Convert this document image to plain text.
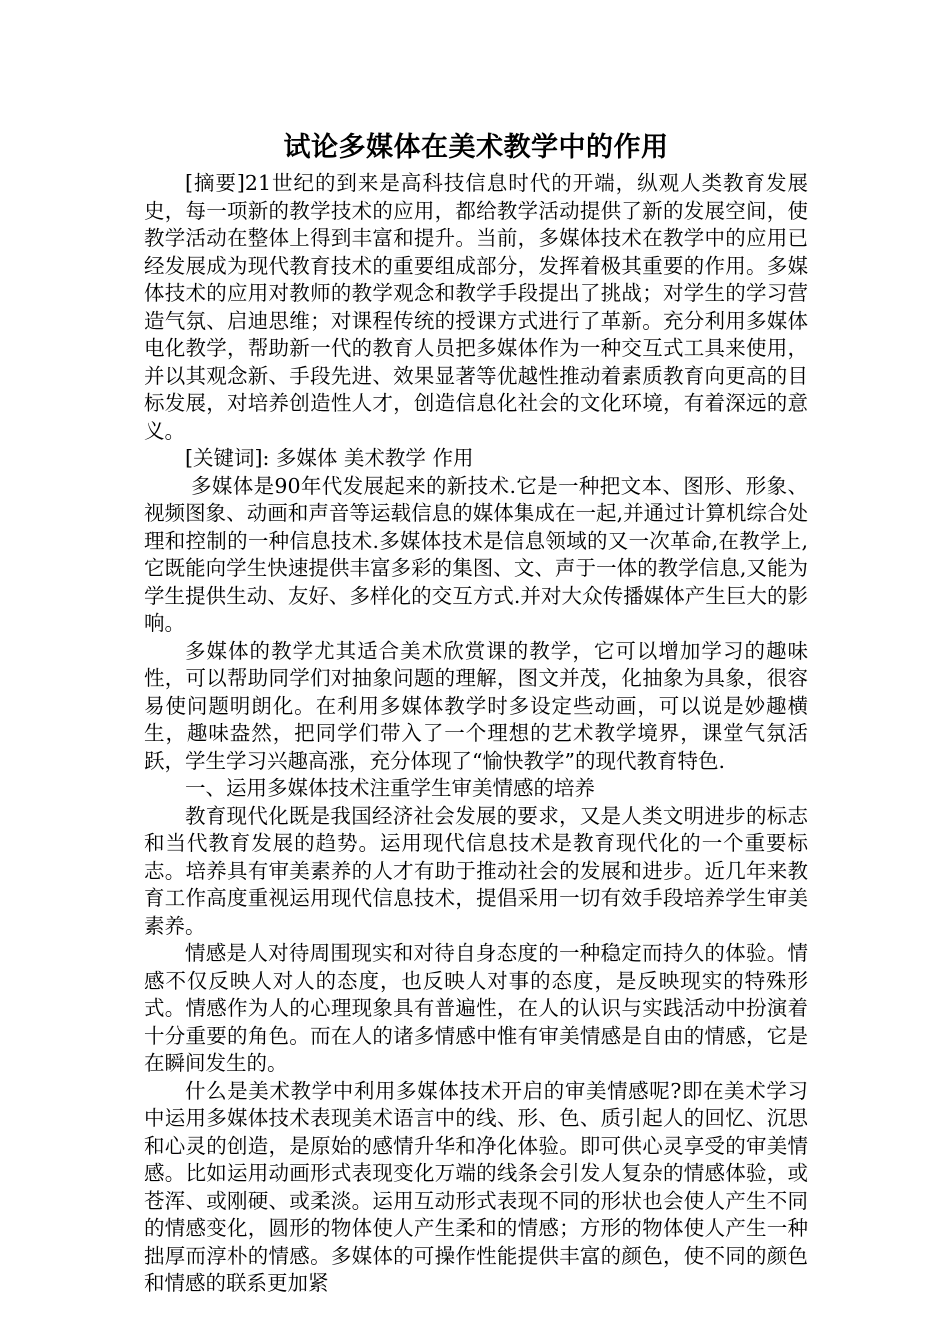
试论多媒体在美术教学中的作用

[摘要]21世纪的到来是高科技信息时代的开端，纵观人类教育发展史，每一项新的教学技术的应用，都给教学活动提供了新的发展空间，使教学活动在整体上得到丰富和提升。当前，多媒体技术在教学中的应用已经发展成为现代教育技术的重要组成部分，发挥着极其重要的作用。多媒体技术的应用对教师的教学观念和教学手段提出了挑战；对学生的学习营造气氛、启迪思维；对课程传统的授课方式进行了革新。充分利用多媒体电化教学，帮助新一代的教育人员把多媒体作为一种交互式工具来使用，并以其观念新、手段先进、效果显著等优越性推动着素质教育向更高的目标发展，对培养创造性人才，创造信息化社会的文化环境，有着深远的意义。

[关键词]: 多媒体 美术教学 作用

多媒体是90年代发展起来的新技术.它是一种把文本、图形、形象、视频图象、动画和声音等运载信息的媒体集成在一起,并通过计算机综合处理和控制的一种信息技术.多媒体技术是信息领域的又一次革命,在教学上,它既能向学生快速提供丰富多彩的集图、文、声于一体的教学信息,又能为学生提供生动、友好、多样化的交互方式.并对大众传播媒体产生巨大的影响。

多媒体的教学尤其适合美术欣赏课的教学，它可以增加学习的趣味性，可以帮助同学们对抽象问题的理解，图文并茂，化抽象为具象，很容易使问题明朗化。在利用多媒体教学时多设定些动画，可以说是妙趣横生，趣味盎然，把同学们带入了一个理想的艺术教学境界，课堂气氛活跃，学生学习兴趣高涨，充分体现了“愉快教学”的现代教育特色.

一、运用多媒体技术注重学生审美情感的培养

教育现代化既是我国经济社会发展的要求，又是人类文明进步的标志和当代教育发展的趋势。运用现代信息技术是教育现代化的一个重要标志。培养具有审美素养的人才有助于推动社会的发展和进步。近几年来教育工作高度重视运用现代信息技术，提倡采用一切有效手段培养学生审美素养。

情感是人对待周围现实和对待自身态度的一种稳定而持久的体验。情感不仅反映人对人的态度，也反映人对事的态度，是反映现实的特殊形式。情感作为人的心理现象具有普遍性，在人的认识与实践活动中扮演着十分重要的角色。而在人的诸多情感中惟有审美情感是自由的情感，它是在瞬间发生的。

什么是美术教学中利用多媒体技术开启的审美情感呢?即在美术学习中运用多媒体技术表现美术语言中的线、形、色、质引起人的回忆、沉思和心灵的创造，是原始的感情升华和净化体验。即可供心灵享受的审美情感。比如运用动画形式表现变化万端的线条会引发人复杂的情感体验，或苍浑、或刚硬、或柔淡。运用互动形式表现不同的形状也会使人产生不同的情感变化，圆形的物体使人产生柔和的情感；方形的物体使人产生一种拙厚而淳朴的情感。多媒体的可操作性能提供丰富的颜色，使不同的颜色和情感的联系更加紧
